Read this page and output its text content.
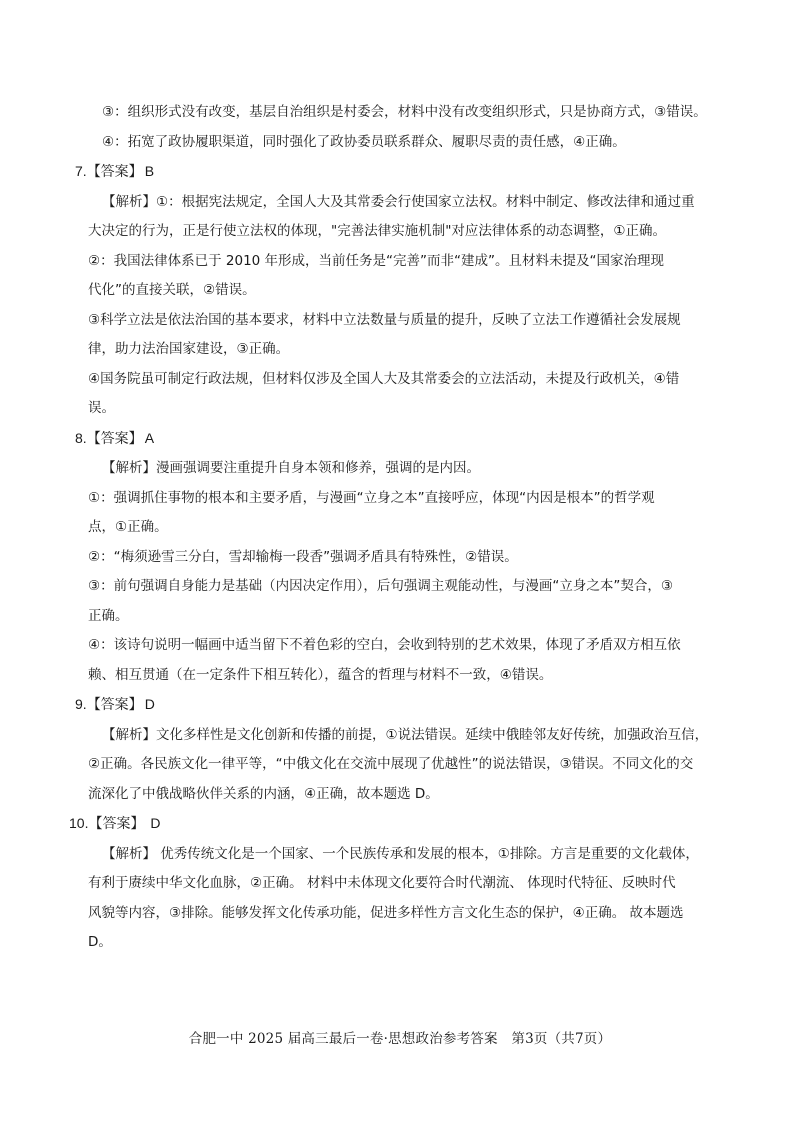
③：组织形式没有改变，基层自治组织是村委会，材料中没有改变组织形式，只是协商方式，③错误。

④：拓宽了政协履职渠道，同时强化了政协委员联系群众、履职尽责的责任感，④正确。

7.【答案】 B

【解析】①：根据宪法规定，全国人大及其常委会行使国家立法权。材料中制定、修改法律和通过重

大决定的行为，正是行使立法权的体现，"完善法律实施机制"对应法律体系的动态调整，①正确。

②：我国法律体系已于 2010 年形成，当前任务是“完善”而非“建成”。且材料未提及“国家治理现

代化”的直接关联，②错误。

③科学立法是依法治国的基本要求，材料中立法数量与质量的提升，反映了立法工作遵循社会发展规

律，助力法治国家建设，③正确。

④国务院虽可制定行政法规，但材料仅涉及全国人大及其常委会的立法活动，未提及行政机关，④错

误。

8.【答案】 A

【解析】漫画强调要注重提升自身本领和修养，强调的是内因。

①：强调抓住事物的根本和主要矛盾，与漫画“立身之本”直接呼应，体现“内因是根本”的哲学观

点，①正确。

②：“梅须逊雪三分白，雪却输梅一段香”强调矛盾具有特殊性，②错误。

③：前句强调自身能力是基础（内因决定作用），后句强调主观能动性，与漫画“立身之本”契合，③

正确。

④：该诗句说明一幅画中适当留下不着色彩的空白，会收到特别的艺术效果，体现了矛盾双方相互依

赖、相互贯通（在一定条件下相互转化），蕴含的哲理与材料不一致，④错误。

9.【答案】 D

【解析】文化多样性是文化创新和传播的前提，①说法错误。延续中俄睦邻友好传统，加强政治互信，

②正确。各民族文化一律平等，“中俄文化在交流中展现了优越性”的说法错误，③错误。不同文化的交

流深化了中俄战略伙伴关系的内涵，④正确，故本题选 D。

10.【答案】 D

【解析】 优秀传统文化是一个国家、一个民族传承和发展的根本，①排除。方言是重要的文化载体，

有利于赓续中华文化血脉，②正确。 材料中未体现文化要符合时代潮流、 体现时代特征、反映时代

风貌等内容，③排除。能够发挥文化传承功能，促进多样性方言文化生态的保护，④正确。 故本题选

D。

合肥一中 2025 届高三最后一卷·思想政治参考答案　第3页（共7页）
